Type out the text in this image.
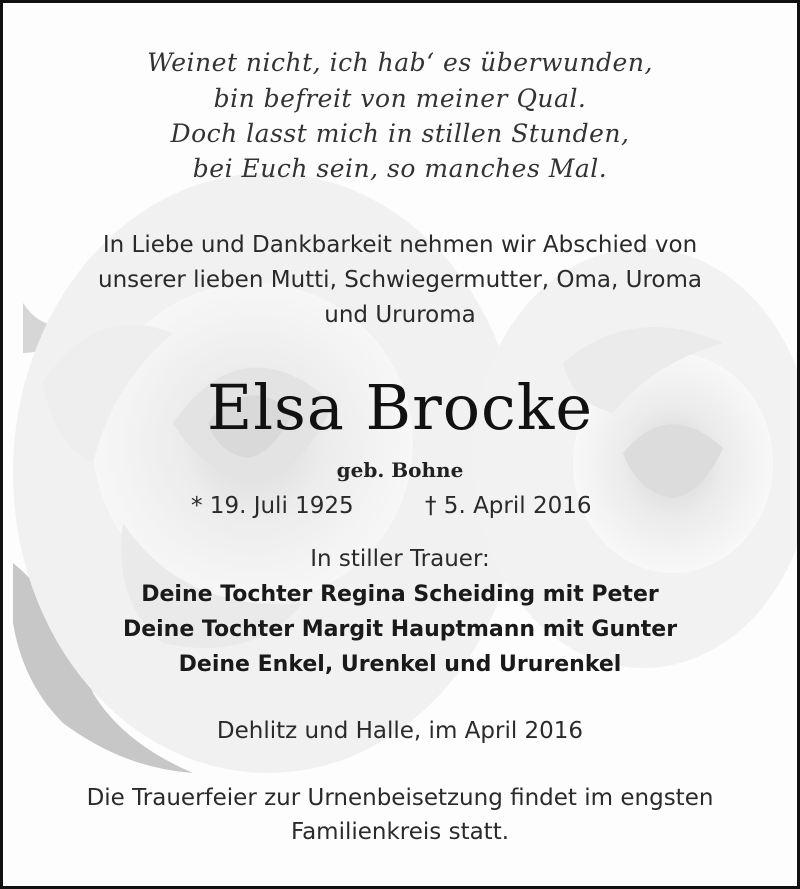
Weinet nicht, ich hab‘ es überwunden,
bin befreit von meiner Qual.
Doch lasst mich in stillen Stunden,
bei Euch sein, so manches Mal.
In Liebe und Dankbarkeit nehmen wir Abschied von
unserer lieben Mutti, Schwiegermutter, Oma, Uroma
und Ururoma
Elsa Brocke
geb. Bohne
* 19. Juli 1925	† 5. April 2016
In stiller Trauer:
Deine Tochter Regina Scheiding mit Peter
Deine Tochter Margit Hauptmann mit Gunter
Deine Enkel, Urenkel und Ururenkel
Dehlitz und Halle, im April 2016
Die Trauerfeier zur Urnenbeisetzung findet im engsten
Familienkreis statt.
